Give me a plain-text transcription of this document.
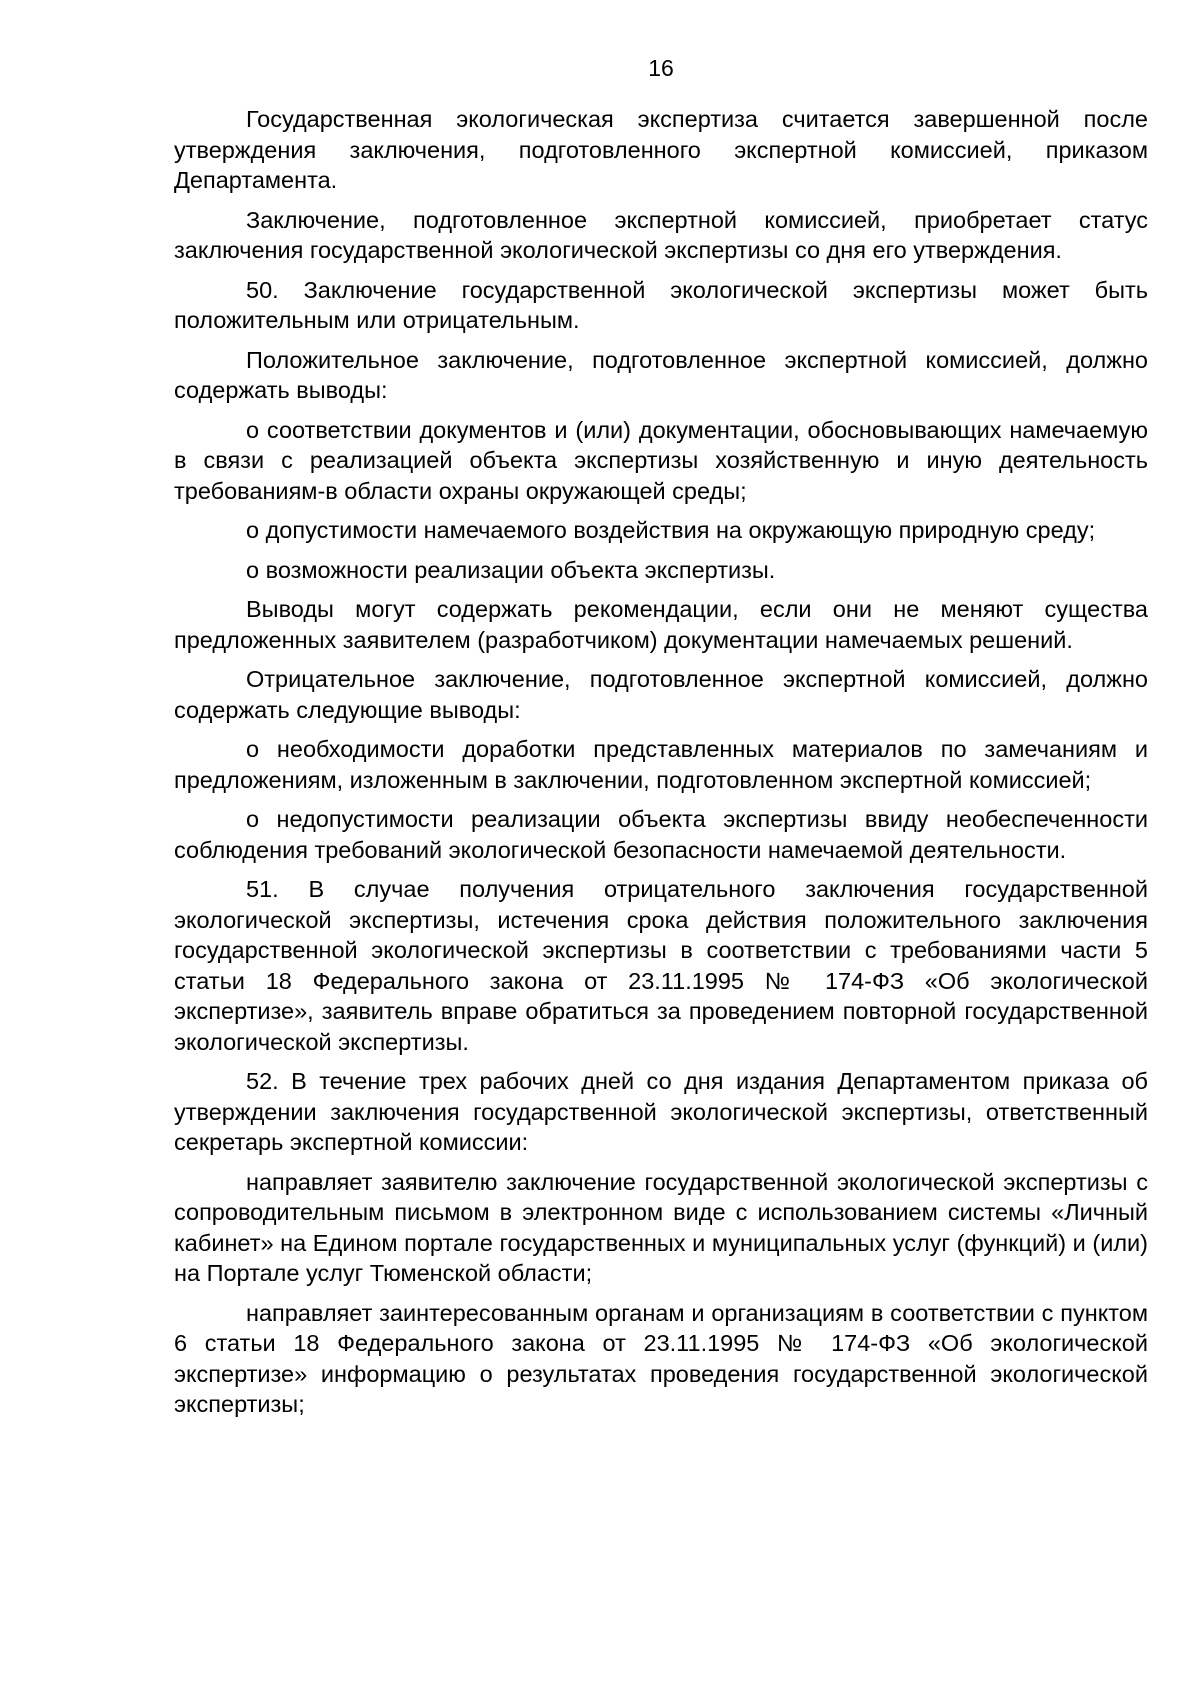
16

Государственная экологическая экспертиза считается завершенной после утверждения заключения, подготовленного экспертной комиссией, приказом Департамента.

Заключение, подготовленное экспертной комиссией, приобретает статус заключения государственной экологической экспертизы со дня его утверждения.

50. Заключение государственной экологической экспертизы может быть положительным или отрицательным.

Положительное заключение, подготовленное экспертной комиссией, должно содержать выводы:

о соответствии документов и (или) документации, обосновывающих намечаемую в связи с реализацией объекта экспертизы хозяйственную и иную деятельность требованиям-в области охраны окружающей среды;

о допустимости намечаемого воздействия на окружающую природную среду;

о возможности реализации объекта экспертизы.

Выводы могут содержать рекомендации, если они не меняют существа предложенных заявителем (разработчиком) документации намечаемых решений.

Отрицательное заключение, подготовленное экспертной комиссией, должно содержать следующие выводы:

о необходимости доработки представленных материалов по замечаниям и предложениям, изложенным в заключении, подготовленном экспертной комиссией;

о недопустимости реализации объекта экспертизы ввиду необеспеченности соблюдения требований экологической безопасности намечаемой деятельности.

51. В случае получения отрицательного заключения государственной экологической экспертизы, истечения срока действия положительного заключения государственной экологической экспертизы в соответствии с требованиями части 5 статьи 18 Федерального закона от 23.11.1995 № 174-ФЗ «Об экологической экспертизе», заявитель вправе обратиться за проведением повторной государственной экологической экспертизы.

52. В течение трех рабочих дней со дня издания Департаментом приказа об утверждении заключения государственной экологической экспертизы, ответственный секретарь экспертной комиссии:

направляет заявителю заключение государственной экологической экспертизы с сопроводительным письмом в электронном виде с использованием системы «Личный кабинет» на Едином портале государственных и муниципальных услуг (функций) и (или) на Портале услуг Тюменской области;

направляет заинтересованным органам и организациям в соответствии с пунктом 6 статьи 18 Федерального закона от 23.11.1995 № 174-ФЗ «Об экологической экспертизе» информацию о результатах проведения государственной экологической экспертизы;
